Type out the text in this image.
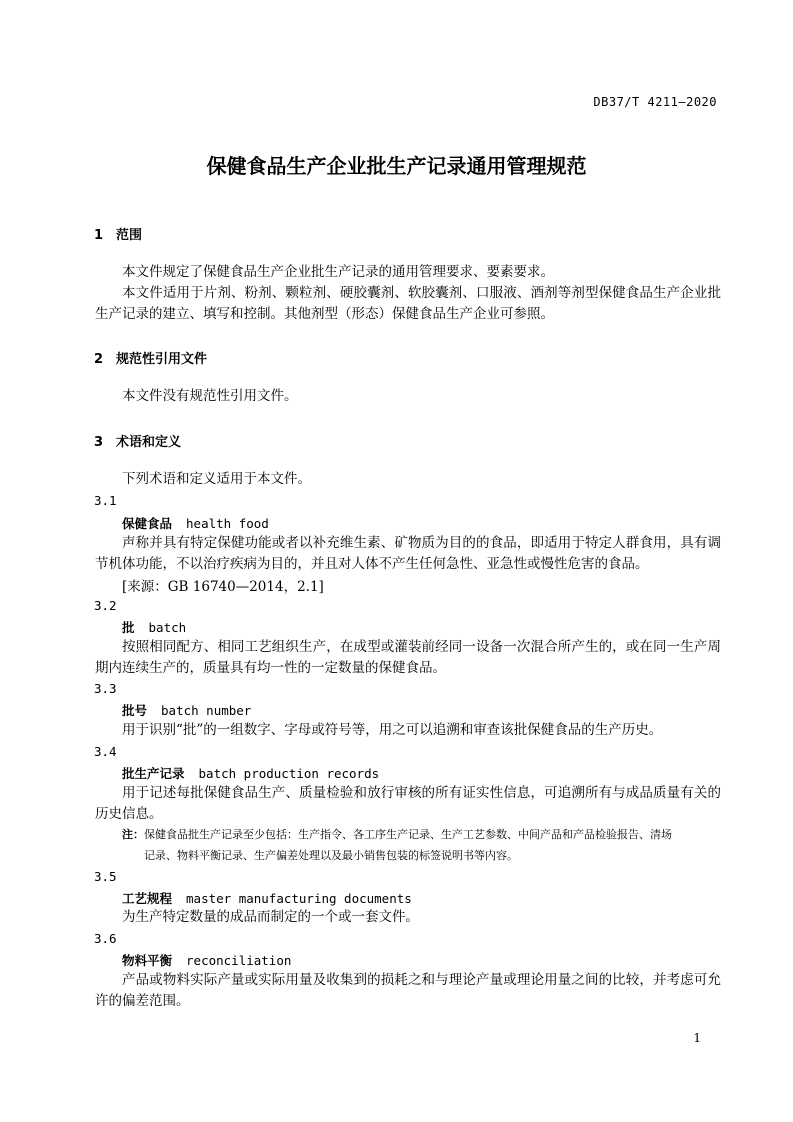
DB37/T 4211—2020
保健食品生产企业批生产记录通用管理规范
1 范围
本文件规定了保健食品生产企业批生产记录的通用管理要求、要素要求。
本文件适用于片剂、粉剂、颗粒剂、硬胶囊剂、软胶囊剂、口服液、酒剂等剂型保健食品生产企业批生产记录的建立、填写和控制。其他剂型（形态）保健食品生产企业可参照。
2 规范性引用文件
本文件没有规范性引用文件。
3 术语和定义
下列术语和定义适用于本文件。
3.1
保健食品 health food
声称并具有特定保健功能或者以补充维生素、矿物质为目的的食品，即适用于特定人群食用，具有调节机体功能，不以治疗疾病为目的，并且对人体不产生任何急性、亚急性或慢性危害的食品。
[来源：GB 16740—2014，2.1]
3.2
批 batch
按照相同配方、相同工艺组织生产，在成型或灌装前经同一设备一次混合所产生的，或在同一生产周期内连续生产的，质量具有均一性的一定数量的保健食品。
3.3
批号 batch number
用于识别“批”的一组数字、字母或符号等，用之可以追溯和审查该批保健食品的生产历史。
3.4
批生产记录 batch production records
用于记述每批保健食品生产、质量检验和放行审核的所有证实性信息，可追溯所有与成品质量有关的历史信息。
注：保健食品批生产记录至少包括：生产指令、各工序生产记录、生产工艺参数、中间产品和产品检验报告、清场
记录、物料平衡记录、生产偏差处理以及最小销售包装的标签说明书等内容。
3.5
工艺规程 master manufacturing documents
为生产特定数量的成品而制定的一个或一套文件。
3.6
物料平衡 reconciliation
产品或物料实际产量或实际用量及收集到的损耗之和与理论产量或理论用量之间的比较，并考虑可允许的偏差范围。
1
